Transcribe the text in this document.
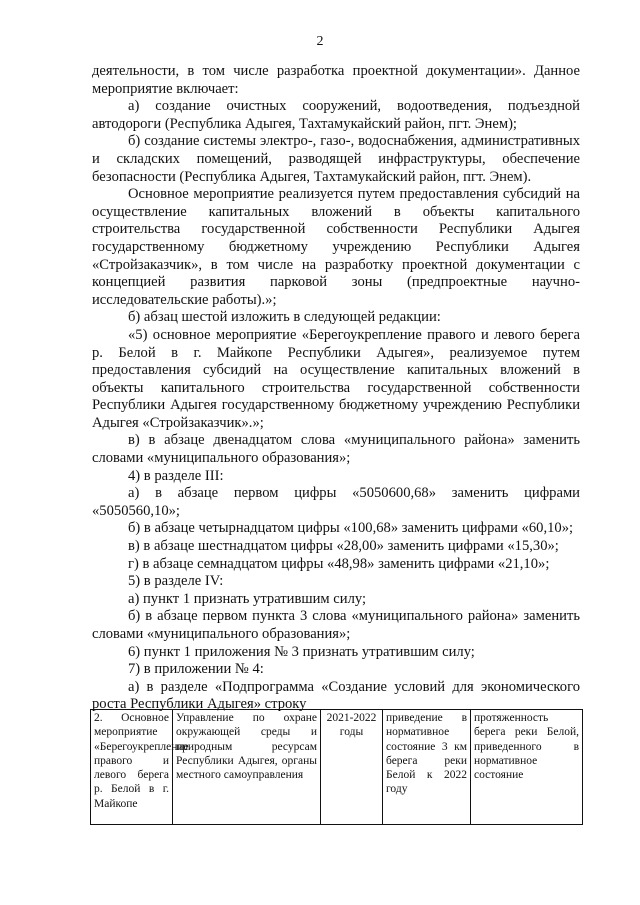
2

деятельности, в том числе разработка проектной документации». Данное мероприятие включает:

а) создание очистных сооружений, водоотведения, подъездной автодороги (Республика Адыгея, Тахтамукайский район, пгт. Энем);

б) создание системы электро-, газо-, водоснабжения, административных и складских помещений, разводящей инфраструктуры, обеспечение безопасности (Республика Адыгея, Тахтамукайский район, пгт. Энем).

Основное мероприятие реализуется путем предоставления субсидий на осуществление капитальных вложений в объекты капитального строительства государственной собственности Республики Адыгея государственному бюджетному учреждению Республики Адыгея «Стройзаказчик», в том числе на разработку проектной документации с концепцией развития парковой зоны (предпроектные научно-исследовательские работы).»;

б) абзац шестой изложить в следующей редакции:

«5) основное мероприятие «Берегоукрепление правого и левого берега р. Белой в г. Майкопе Республики Адыгея», реализуемое путем предоставления субсидий на осуществление капитальных вложений в объекты капитального строительства государственной собственности Республики Адыгея государственному бюджетному учреждению Республики Адыгея «Стройзаказчик».»;

в) в абзаце двенадцатом слова «муниципального района» заменить словами «муниципального образования»;

4) в разделе III:

а) в абзаце первом цифры «5050600,68» заменить цифрами «5050560,10»;

б) в абзаце четырнадцатом цифры «100,68» заменить цифрами «60,10»;

в) в абзаце шестнадцатом цифры «28,00» заменить цифрами «15,30»;

г) в абзаце семнадцатом цифры «48,98» заменить цифрами «21,10»;

5) в разделе IV:

а) пункт 1 признать утратившим силу;

б) в абзаце первом пункта 3 слова «муниципального района» заменить словами «муниципального образования»;

6) пункт 1 приложения № 3 признать утратившим силу;

7) в приложении № 4:

а) в разделе «Подпрограмма «Создание условий для экономического роста Республики Адыгея» строку

2. Основное мероприятие «Берегоукрепление правого и левого берега р. Белой в г. Майкопе	Управление по охране окружающей среды и природным ресурсам Республики Адыгея, органы местного самоуправления	2021-2022 годы	приведение в нормативное состояние 3 км берега реки Белой к 2022 году	протяженность берега реки Белой, приведенного в нормативное состояние
